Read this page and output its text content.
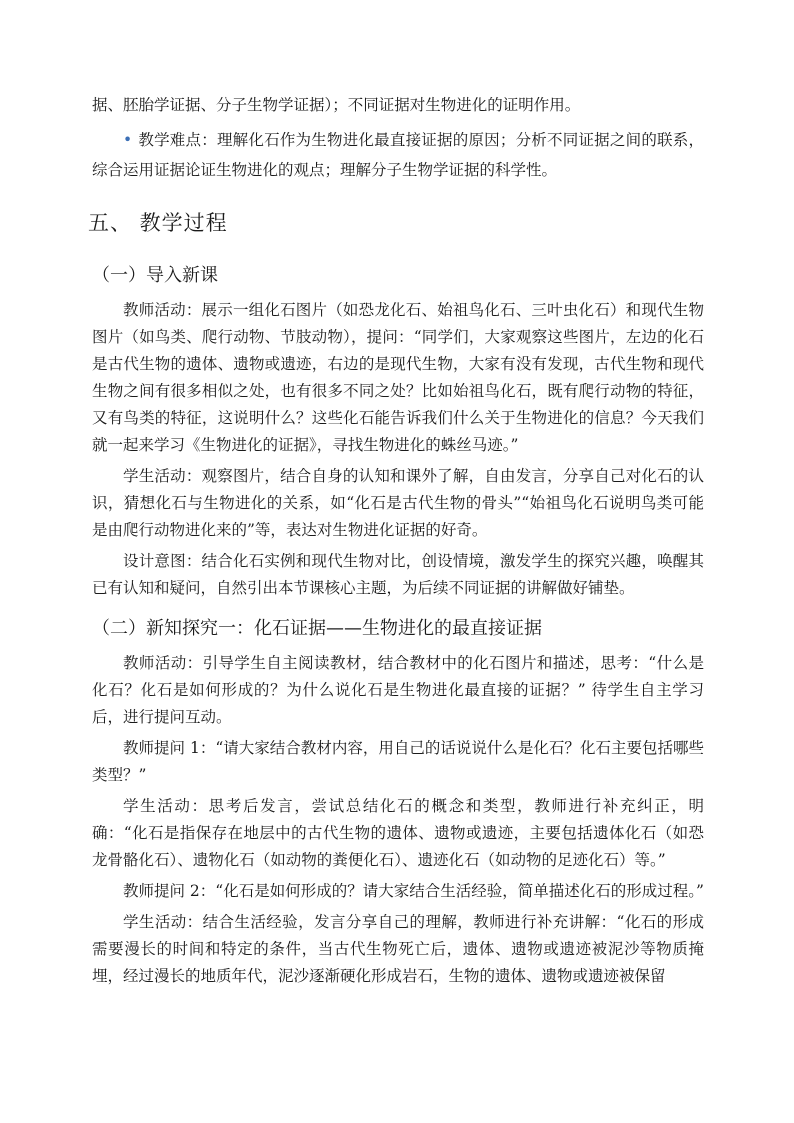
据、胚胎学证据、分子生物学证据）；不同证据对生物进化的证明作用。

• 教学难点：理解化石作为生物进化最直接证据的原因；分析不同证据之间的联系，综合运用证据论证生物进化的观点；理解分子生物学证据的科学性。

五、 教学过程
（一）导入新课

教师活动：展示一组化石图片（如恐龙化石、始祖鸟化石、三叶虫化石）和现代生物图片（如鸟类、爬行动物、节肢动物），提问：“同学们，大家观察这些图片，左边的化石是古代生物的遗体、遗物或遗迹，右边的是现代生物，大家有没有发现，古代生物和现代生物之间有很多相似之处，也有很多不同之处？比如始祖鸟化石，既有爬行动物的特征，又有鸟类的特征，这说明什么？这些化石能告诉我们什么关于生物进化的信息？今天我们就一起来学习《生物进化的证据》，寻找生物进化的蛛丝马迹。”

学生活动：观察图片，结合自身的认知和课外了解，自由发言，分享自己对化石的认识，猜想化石与生物进化的关系，如“化石是古代生物的骨头”“始祖鸟化石说明鸟类可能是由爬行动物进化来的”等，表达对生物进化证据的好奇。

设计意图：结合化石实例和现代生物对比，创设情境，激发学生的探究兴趣，唤醒其已有认知和疑问，自然引出本节课核心主题，为后续不同证据的讲解做好铺垫。

（二）新知探究一：化石证据——生物进化的最直接证据

教师活动：引导学生自主阅读教材，结合教材中的化石图片和描述，思考：“什么是化石？化石是如何形成的？为什么说化石是生物进化最直接的证据？” 待学生自主学习后，进行提问互动。

教师提问 1：“请大家结合教材内容，用自己的话说说什么是化石？化石主要包括哪些类型？”

学生活动：思考后发言，尝试总结化石的概念和类型，教师进行补充纠正，明确：“化石是指保存在地层中的古代生物的遗体、遗物或遗迹，主要包括遗体化石（如恐龙骨骼化石）、遗物化石（如动物的粪便化石）、遗迹化石（如动物的足迹化石）等。”

教师提问 2：“化石是如何形成的？请大家结合生活经验，简单描述化石的形成过程。”

学生活动：结合生活经验，发言分享自己的理解，教师进行补充讲解：“化石的形成需要漫长的时间和特定的条件，当古代生物死亡后，遗体、遗物或遗迹被泥沙等物质掩埋，经过漫长的地质年代，泥沙逐渐硬化形成岩石，生物的遗体、遗物或遗迹被保留
